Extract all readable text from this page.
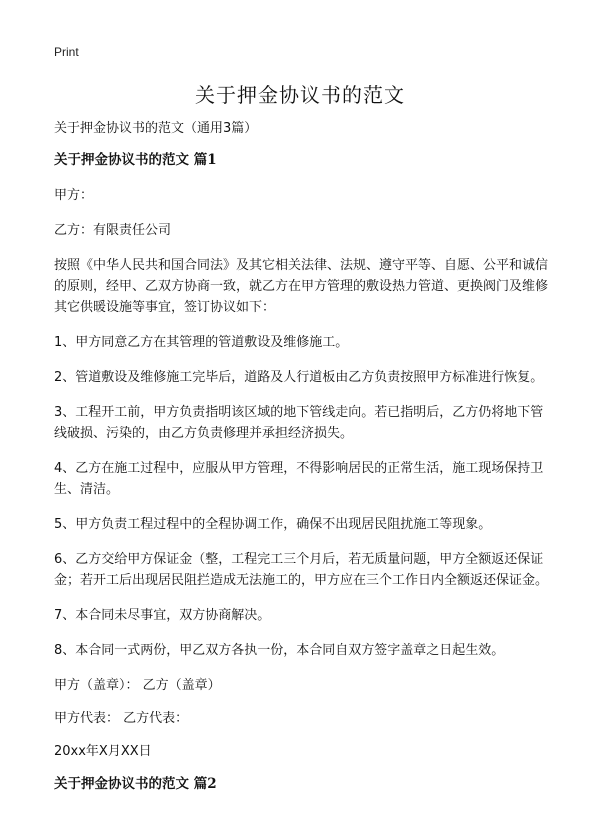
Print
关于押金协议书的范文

关于押金协议书的范文（通用3篇）

关于押金协议书的范文 篇1

甲方：

乙方：有限责任公司

按照《中华人民共和国合同法》及其它相关法律、法规、遵守平等、自愿、公平和诚信的原则，经甲、乙双方协商一致，就乙方在甲方管理的敷设热力管道、更换阀门及维修其它供暖设施等事宜，签订协议如下：

1、甲方同意乙方在其管理的管道敷设及维修施工。

2、管道敷设及维修施工完毕后，道路及人行道板由乙方负责按照甲方标准进行恢复。

3、工程开工前，甲方负责指明该区域的地下管线走向。若已指明后，乙方仍将地下管线破损、污染的，由乙方负责修理并承担经济损失。

4、乙方在施工过程中，应服从甲方管理，不得影响居民的正常生活，施工现场保持卫生、清洁。

5、甲方负责工程过程中的全程协调工作，确保不出现居民阻扰施工等现象。

6、乙方交给甲方保证金（整，工程完工三个月后，若无质量问题，甲方全额返还保证金；若开工后出现居民阻拦造成无法施工的，甲方应在三个工作日内全额返还保证金。

7、本合同未尽事宜，双方协商解决。

8、本合同一式两份，甲乙双方各执一份，本合同自双方签字盖章之日起生效。

甲方（盖章）： 乙方（盖章）

甲方代表： 乙方代表：

20xx年X月XX日

关于押金协议书的范文 篇2
